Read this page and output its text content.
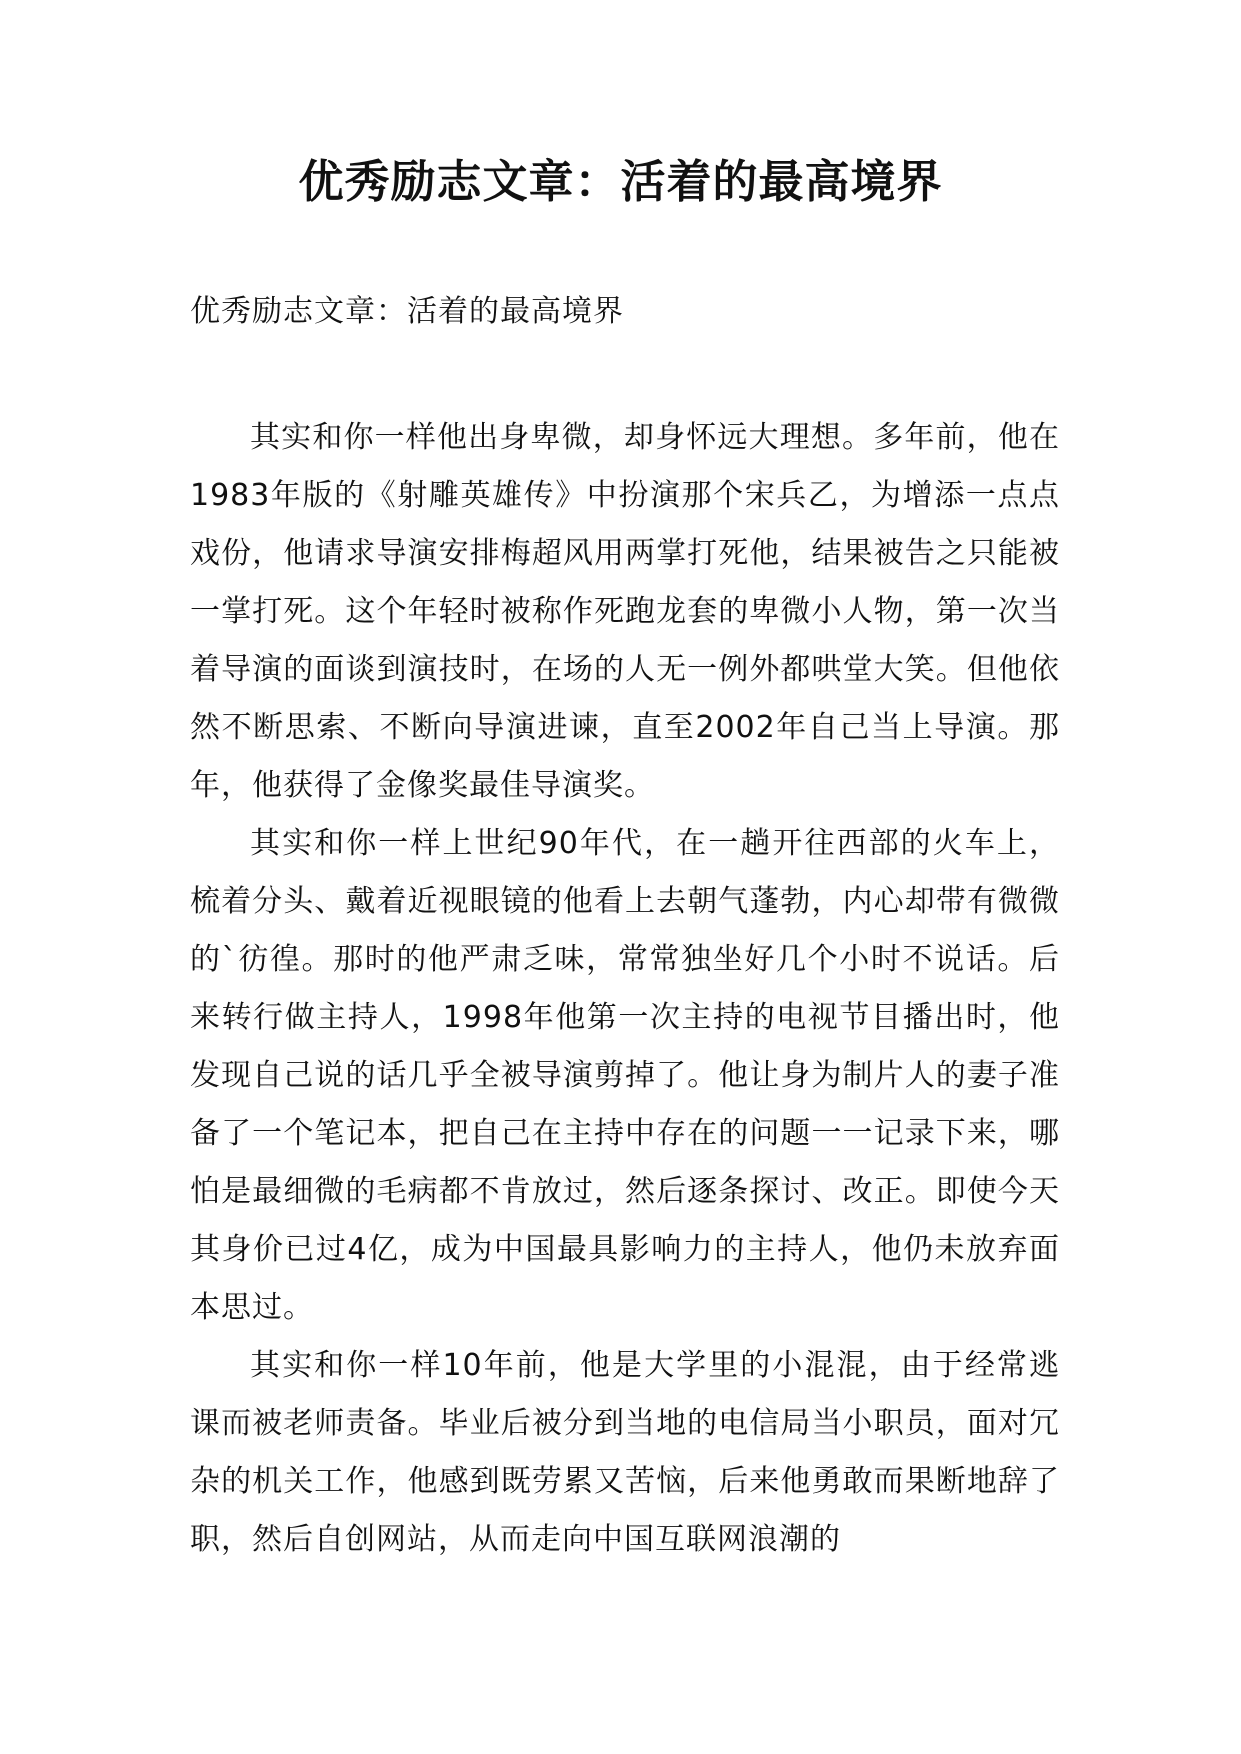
优秀励志文章：活着的最高境界
优秀励志文章：活着的最高境界

其实和你一样他出身卑微，却身怀远大理想。多年前，他在1983年版的《射雕英雄传》中扮演那个宋兵乙，为增添一点点戏份，他请求导演安排梅超风用两掌打死他，结果被告之只能被一掌打死。这个年轻时被称作死跑龙套的卑微小人物，第一次当着导演的面谈到演技时，在场的人无一例外都哄堂大笑。但他依然不断思索、不断向导演进谏，直至2002年自己当上导演。那年，他获得了金像奖最佳导演奖。

其实和你一样上世纪90年代，在一趟开往西部的火车上，梳着分头、戴着近视眼镜的他看上去朝气蓬勃，内心却带有微微的`彷徨。那时的他严肃乏味，常常独坐好几个小时不说话。后来转行做主持人，1998年他第一次主持的电视节目播出时，他发现自己说的话几乎全被导演剪掉了。他让身为制片人的妻子准备了一个笔记本，把自己在主持中存在的问题一一记录下来，哪怕是最细微的毛病都不肯放过，然后逐条探讨、改正。即使今天其身价已过4亿，成为中国最具影响力的主持人，他仍未放弃面本思过。

其实和你一样10年前，他是大学里的小混混，由于经常逃课而被老师责备。毕业后被分到当地的电信局当小职员，面对冗杂的机关工作，他感到既劳累又苦恼，后来他勇敢而果断地辞了职，然后自创网站，从而走向中国互联网浪潮的
